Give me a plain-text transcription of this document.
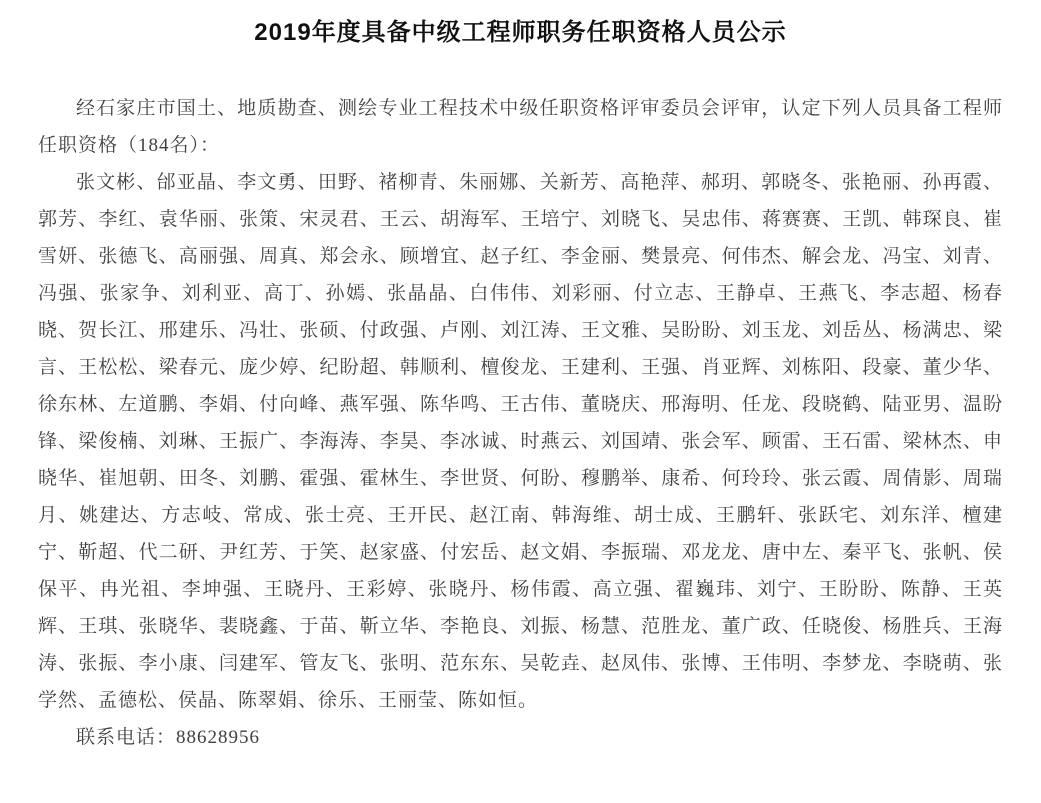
2019年度具备中级工程师职务任职资格人员公示

经石家庄市国土、地质勘查、测绘专业工程技术中级任职资格评审委员会评审，认定下列人员具备工程师任职资格（184名）：

张文彬、邰亚晶、李文勇、田野、褚柳青、朱丽娜、关新芳、高艳萍、郝玥、郭晓冬、张艳丽、孙再霞、郭芳、李红、袁华丽、张策、宋灵君、王云、胡海军、王培宁、刘晓飞、吴忠伟、蒋赛赛、王凯、韩琛良、崔雪妍、张德飞、高丽强、周真、郑会永、顾增宜、赵子红、李金丽、樊景亮、何伟杰、解会龙、冯宝、刘青、冯强、张家争、刘利亚、高丁、孙嫣、张晶晶、白伟伟、刘彩丽、付立志、王静卓、王燕飞、李志超、杨春晓、贺长江、邢建乐、冯壮、张硕、付政强、卢刚、刘江涛、王文雅、吴盼盼、刘玉龙、刘岳丛、杨满忠、梁言、王松松、梁春元、庞少婷、纪盼超、韩顺利、檀俊龙、王建利、王强、肖亚辉、刘栋阳、段豪、董少华、徐东林、左道鹏、李娟、付向峰、燕军强、陈华鸣、王古伟、董晓庆、邢海明、任龙、段晓鹤、陆亚男、温盼锋、梁俊楠、刘琳、王振广、李海涛、李昊、李冰诚、时燕云、刘国靖、张会军、顾雷、王石雷、梁林杰、申晓华、崔旭朝、田冬、刘鹏、霍强、霍林生、李世贤、何盼、穆鹏举、康希、何玲玲、张云霞、周倩影、周瑞月、姚建达、方志岐、常成、张士亮、王开民、赵江南、韩海维、胡士成、王鹏轩、张跃宅、刘东洋、檀建宁、靳超、代二研、尹红芳、于笑、赵家盛、付宏岳、赵文娟、李振瑞、邓龙龙、唐中左、秦平飞、张帆、侯保平、冉光祖、李坤强、王晓丹、王彩婷、张晓丹、杨伟霞、高立强、翟巍玮、刘宁、王盼盼、陈静、王英辉、王琪、张晓华、裴晓鑫、于苗、靳立华、李艳良、刘振、杨慧、范胜龙、董广政、任晓俊、杨胜兵、王海涛、张振、李小康、闫建军、管友飞、张明、范东东、吴乾垚、赵凤伟、张博、王伟明、李梦龙、李晓萌、张学然、孟德松、侯晶、陈翠娟、徐乐、王丽莹、陈如恒。

联系电话：88628956
